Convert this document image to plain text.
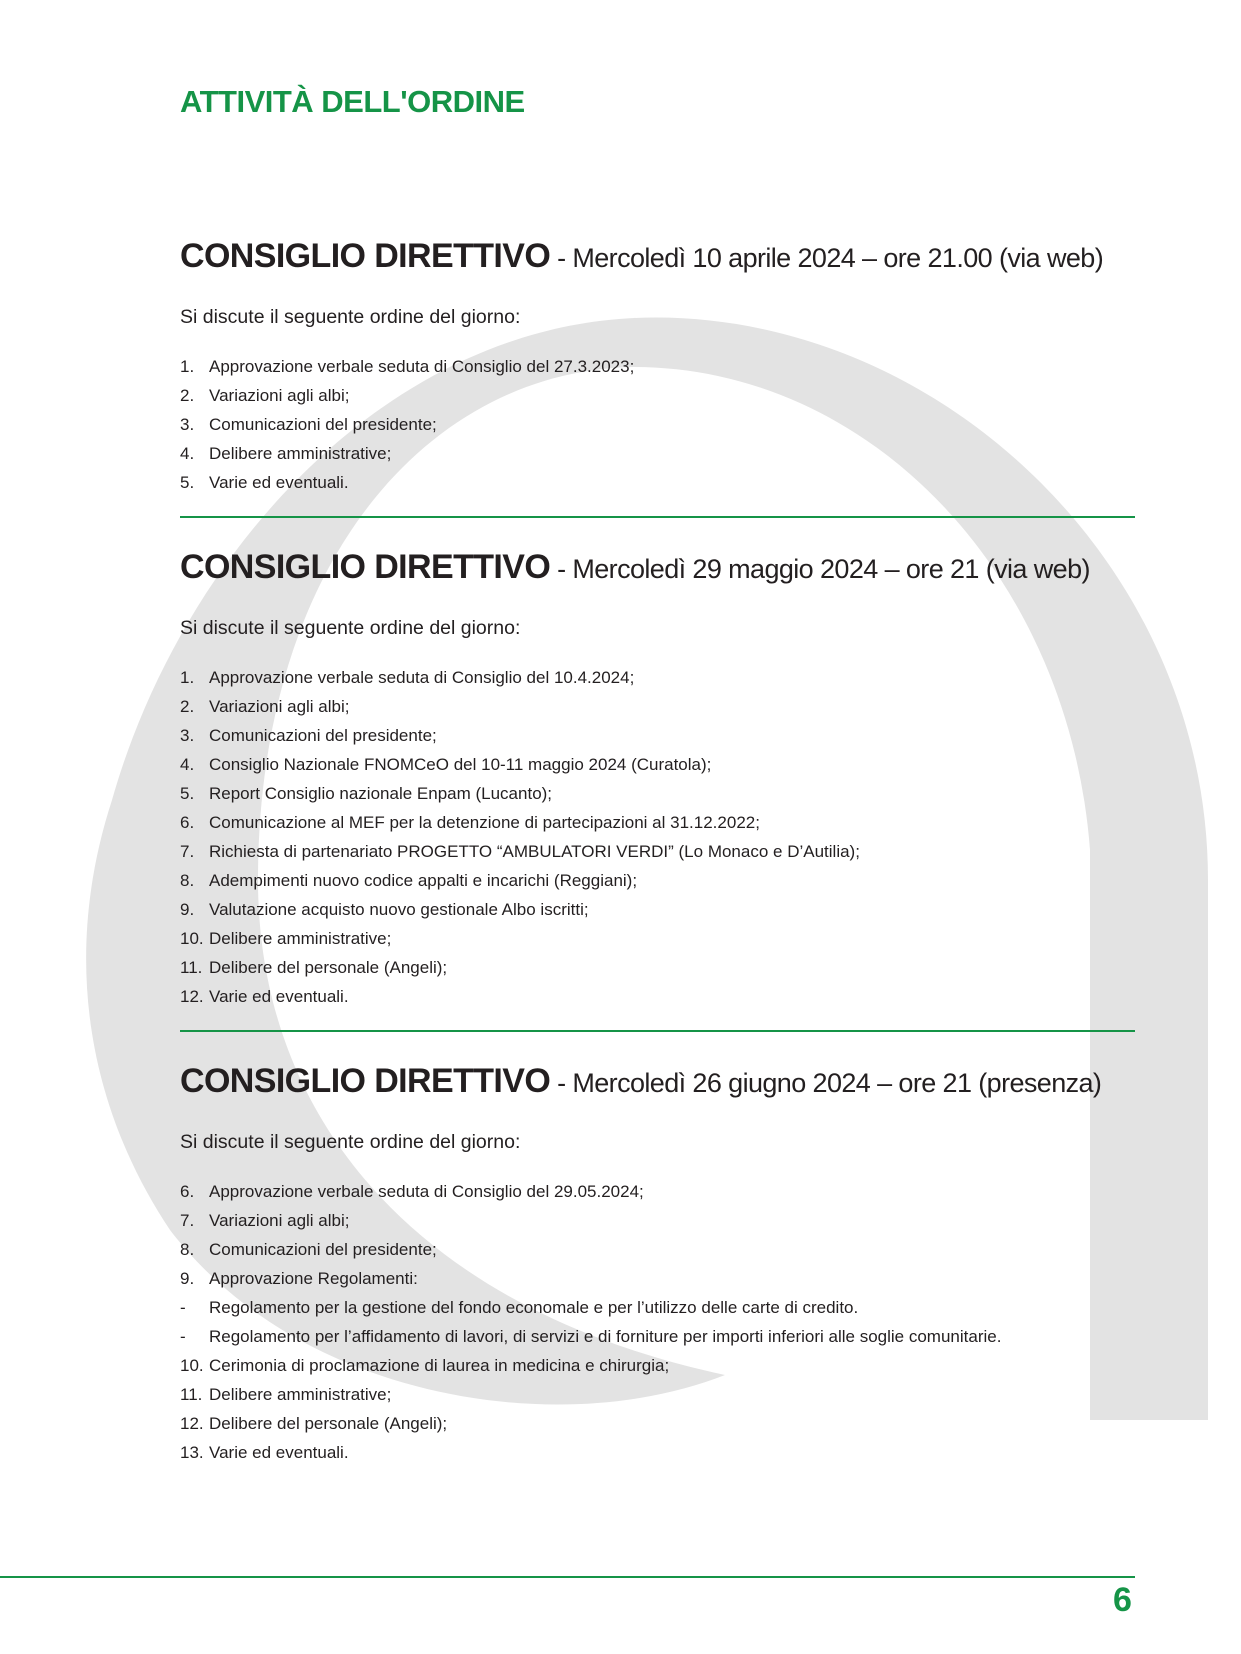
ATTIVITÀ DELL'ORDINE
CONSIGLIO DIRETTIVO - Mercoledì 10 aprile 2024 – ore 21.00 (via web)

Si discute il seguente ordine del giorno:

1. Approvazione verbale seduta di Consiglio del 27.3.2023;
2. Variazioni agli albi;
3. Comunicazioni del presidente;
4. Delibere amministrative;
5. Varie ed eventuali.
CONSIGLIO DIRETTIVO - Mercoledì 29 maggio 2024 – ore 21 (via web)

Si discute il seguente ordine del giorno:

1. Approvazione verbale seduta di Consiglio del 10.4.2024;
2. Variazioni agli albi;
3. Comunicazioni del presidente;
4. Consiglio Nazionale FNOMCeO del 10-11 maggio 2024 (Curatola);
5. Report Consiglio nazionale Enpam (Lucanto);
6. Comunicazione al MEF per la detenzione di partecipazioni al 31.12.2022;
7. Richiesta di partenariato PROGETTO “AMBULATORI VERDI” (Lo Monaco e D’Autilia);
8. Adempimenti nuovo codice appalti e incarichi (Reggiani);
9. Valutazione acquisto nuovo gestionale Albo iscritti;
10. Delibere amministrative;
11. Delibere del personale (Angeli);
12. Varie ed eventuali.
CONSIGLIO DIRETTIVO - Mercoledì 26 giugno 2024 – ore 21 (presenza)

Si discute il seguente ordine del giorno:

6. Approvazione verbale seduta di Consiglio del 29.05.2024;
7. Variazioni agli albi;
8. Comunicazioni del presidente;
9. Approvazione Regolamenti:
- Regolamento per la gestione del fondo economale e per l’utilizzo delle carte di credito.
- Regolamento per l’affidamento di lavori, di servizi e di forniture per importi inferiori alle soglie comunitarie.
10. Cerimonia di proclamazione di laurea in medicina e chirurgia;
11. Delibere amministrative;
12. Delibere del personale (Angeli);
13. Varie ed eventuali.

6
